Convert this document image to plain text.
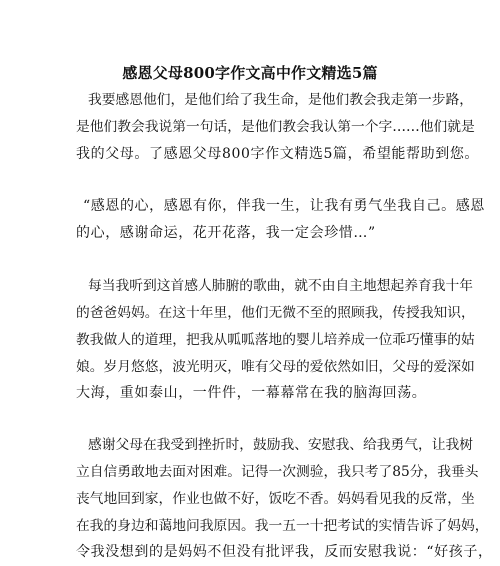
感恩父母800字作文高中作文精选5篇
我要感恩他们，是他们给了我生命，是他们教会我走第一步路，
是他们教会我说第一句话，是他们教会我认第一个字……他们就是
我的父母。了感恩父母800字作文精选5篇，希望能帮助到您。
“感恩的心，感恩有你，伴我一生，让我有勇气坐我自己。感恩
的心，感谢命运，花开花落，我一定会珍惜…”
每当我听到这首感人肺腑的歌曲，就不由自主地想起养育我十年
的爸爸妈妈。在这十年里，他们无微不至的照顾我，传授我知识，
教我做人的道理，把我从呱呱落地的婴儿培养成一位乖巧懂事的姑
娘。岁月悠悠，波光明灭，唯有父母的爱依然如旧，父母的爱深如
大海，重如泰山，一件件，一幕幕常在我的脑海回荡。
感谢父母在我受到挫折时，鼓励我、安慰我、给我勇气，让我树
立自信勇敢地去面对困难。记得一次测验，我只考了85分，我垂头
丧气地回到家，作业也做不好，饭吃不香。妈妈看见我的反常，坐
在我的身边和蔼地问我原因。我一五一十把考试的实情告诉了妈妈，
令我没想到的是妈妈不但没有批评我，反而安慰我说：“好孩子，
